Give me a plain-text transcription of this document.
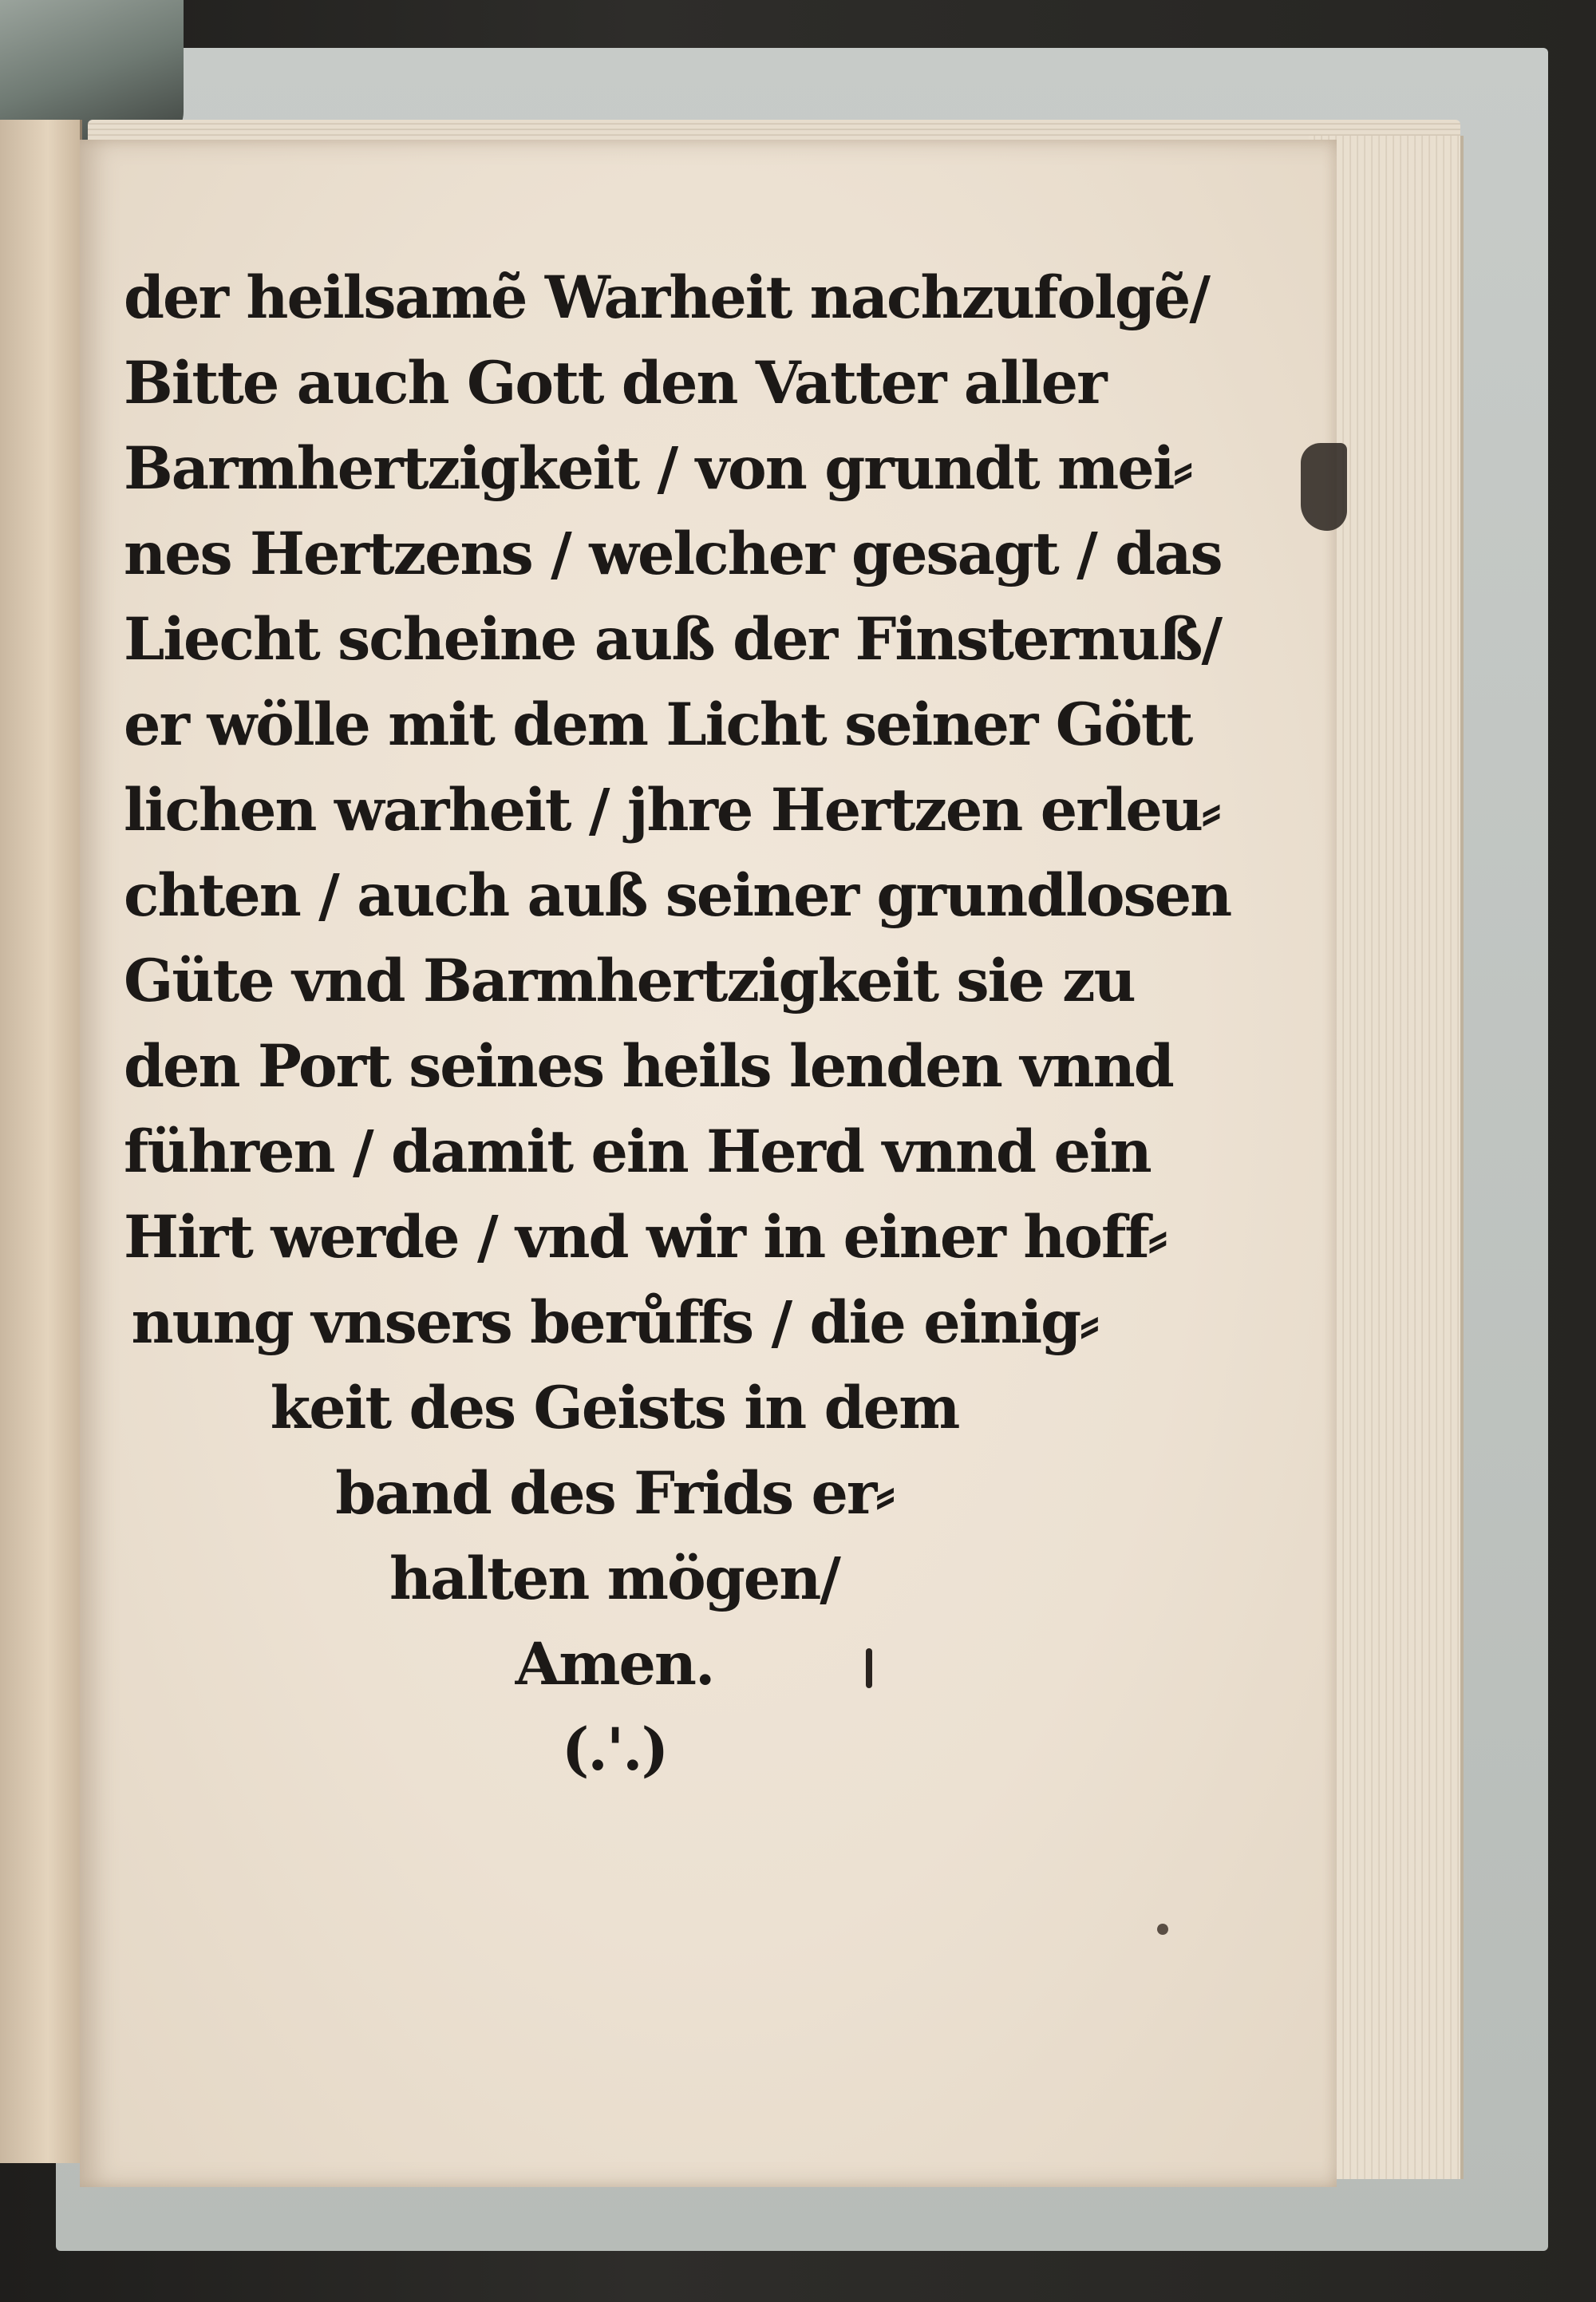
der heilsamẽ Warheit nachzufolgẽ/
Bitte auch Gott den Vatter aller
Barmhertzigkeit / von grundt mei⸗
nes Hertzens / welcher gesagt / das
Liecht scheine auß der Finsternuß/
er wölle mit dem Licht seiner Gött
lichen warheit / jhre Hertzen erleu⸗
chten / auch auß seiner grundlosen
Güte vnd Barmhertzigkeit sie zu
den Port seines heils lenden vnnd
führen / damit ein Herd vnnd ein
Hirt werde / vnd wir in einer hoff⸗
nung vnsers berůffs / die einig⸗
keit des Geists in dem
band des Frids er⸗
halten mögen/
Amen.
(.'.)
